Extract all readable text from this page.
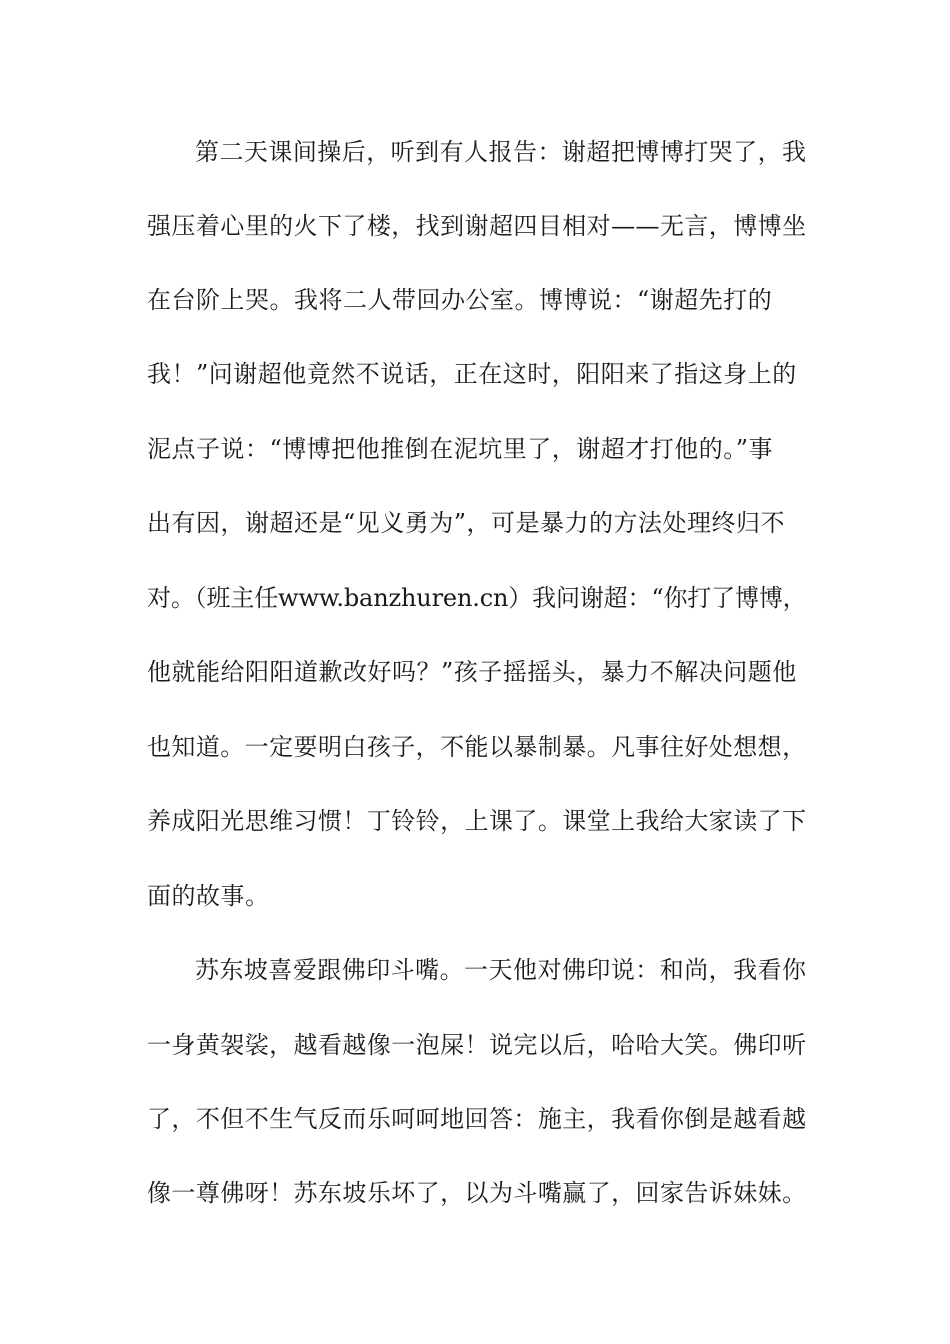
第二天课间操后，听到有人报告：谢超把博博打哭了，我
强压着心里的火下了楼，找到谢超四目相对——无言，博博坐
在台阶上哭。我将二人带回办公室。博博说：“谢超先打的
我！”问谢超他竟然不说话，正在这时，阳阳来了指这身上的
泥点子说：“博博把他推倒在泥坑里了，谢超才打他的。”事
出有因，谢超还是“见义勇为”，可是暴力的方法处理终归不
对。（班主任www.banzhuren.cn）我问谢超：“你打了博博，
他就能给阳阳道歉改好吗？”孩子摇摇头，暴力不解决问题他
也知道。一定要明白孩子，不能以暴制暴。凡事往好处想想，
养成阳光思维习惯！丁铃铃，上课了。课堂上我给大家读了下
面的故事。
苏东坡喜爱跟佛印斗嘴。一天他对佛印说：和尚，我看你
一身黄袈裟，越看越像一泡屎！说完以后，哈哈大笑。佛印听
了，不但不生气反而乐呵呵地回答：施主，我看你倒是越看越
像一尊佛呀！苏东坡乐坏了，以为斗嘴赢了，回家告诉妹妹。
